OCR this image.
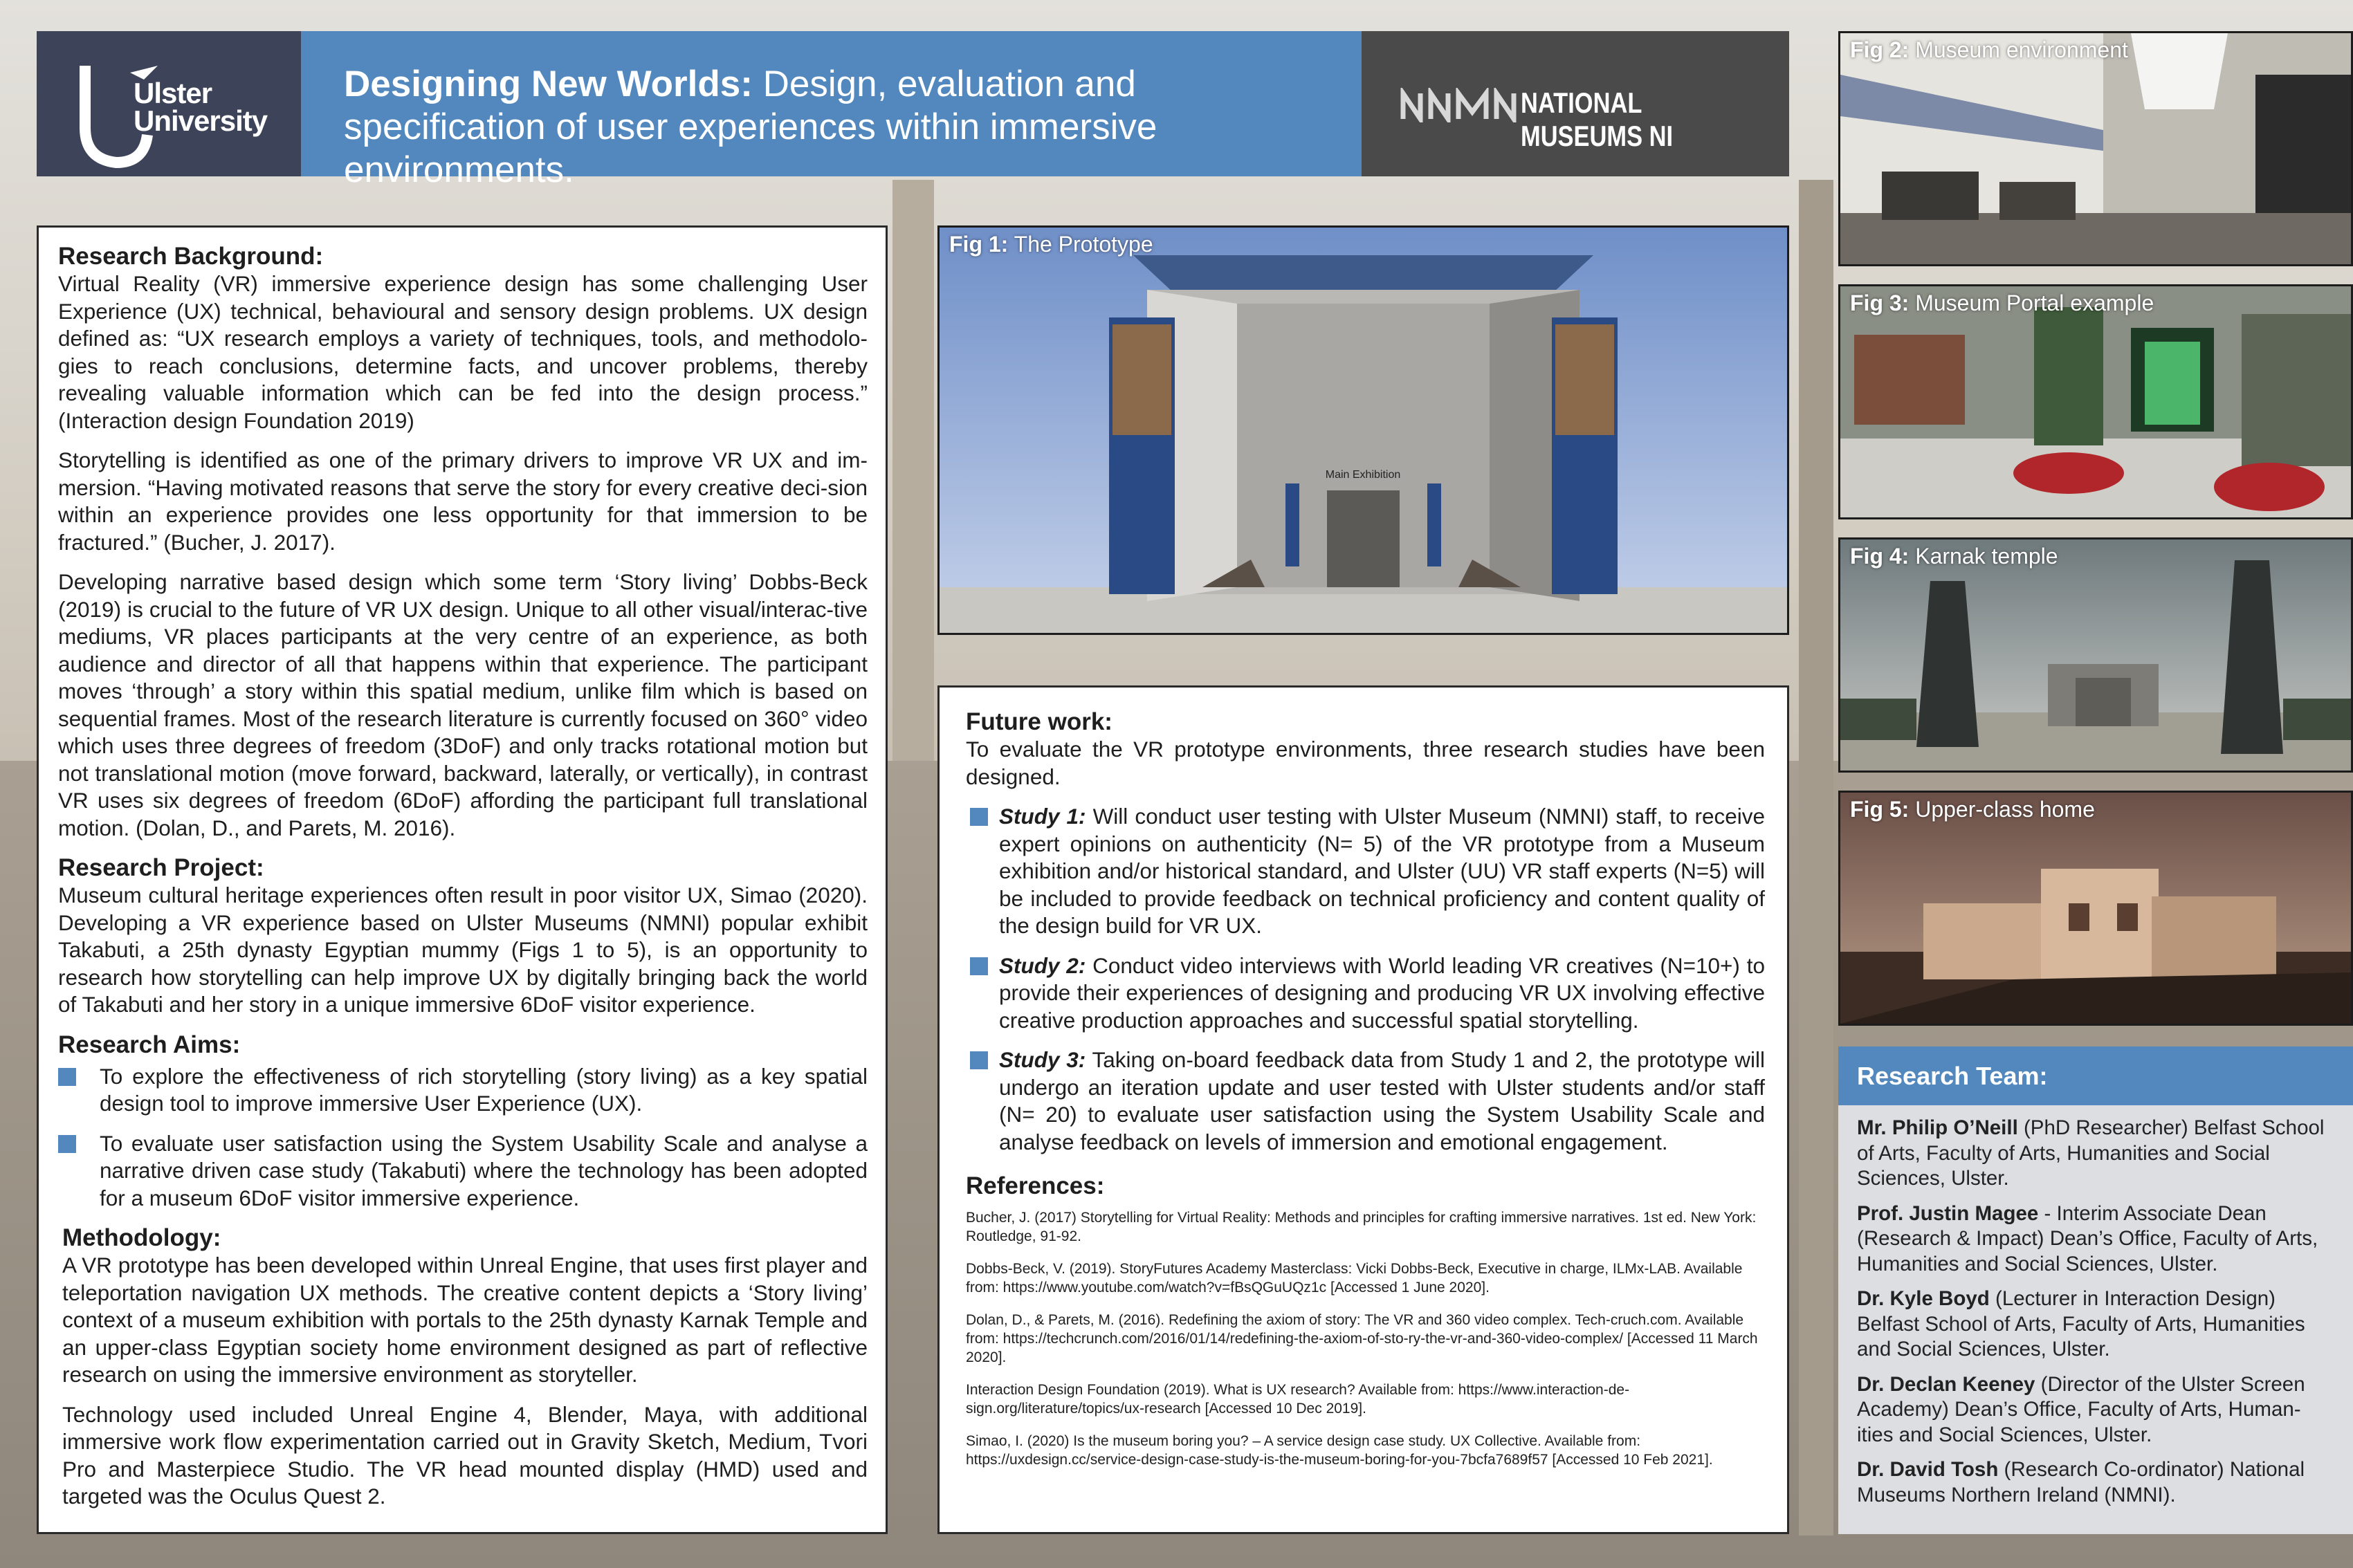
Ulster
University
Designing New Worlds: Design, evaluation and specification of user experiences within immersive environments.
NATIONAL MUSEUMS NI

Research Background:

Virtual Reality (VR) immersive experience design has some challenging User Experience (UX) technical, behavioural and sensory design problems. UX design defined as: “UX research employs a variety of techniques, tools, and methodolo-gies to reach conclusions, determine facts, and uncover problems, thereby revealing valuable information which can be fed into the design process.” (Interaction design Foundation 2019)

Storytelling is identified as one of the primary drivers to improve VR UX and im-mersion. “Having motivated reasons that serve the story for every creative deci-sion within an experience provides one less opportunity for that immersion to be fractured.” (Bucher, J. 2017).

Developing narrative based design which some term ‘Story living’ Dobbs-Beck (2019) is crucial to the future of VR UX design. Unique to all other visual/interac-tive mediums, VR places participants at the very centre of an experience, as both audience and director of all that happens within that experience. The participant moves ‘through’ a story within this spatial medium, unlike film which is based on sequential frames. Most of the research literature is currently focused on 360° video which uses three degrees of freedom (3DoF) and only tracks rotational motion but not translational motion (move forward, backward, laterally, or vertically), in contrast VR uses six degrees of freedom (6DoF) affording the participant full translational motion. (Dolan, D., and Parets, M. 2016).

Research Project:

Museum cultural heritage experiences often result in poor visitor UX, Simao (2020). Developing a VR experience based on Ulster Museums (NMNI) popular exhibit Takabuti, a 25th dynasty Egyptian mummy (Figs 1 to 5), is an opportunity to research how storytelling can help improve UX by digitally bringing back the world of Takabuti and her story in a unique immersive 6DoF visitor experience.

Research Aims:

To explore the effectiveness of rich storytelling (story living) as a key spatial design tool to improve immersive User Experience (UX).

To evaluate user satisfaction using the System Usability Scale and analyse a narrative driven case study (Takabuti) where the technology has been adopted for a museum 6DoF visitor immersive experience.

Methodology:

A VR prototype has been developed within Unreal Engine, that uses first player and teleportation navigation UX methods. The creative content depicts a ‘Story living’ context of a museum exhibition with portals to the 25th dynasty Karnak Temple and an upper-class Egyptian society home environment designed as part of reflective research on using the immersive environment as storyteller.

Technology used included Unreal Engine 4, Blender, Maya, with additional immersive work flow experimentation carried out in Gravity Sketch, Medium, Tvori Pro and Masterpiece Studio. The VR head mounted display (HMD) used and targeted was the Oculus Quest 2.

Fig 1: The Prototype
Main Exhibition

Future work:

To evaluate the VR prototype environments, three research studies have been designed.

Study 1: Will conduct user testing with Ulster Museum (NMNI) staff, to receive expert opinions on authenticity (N= 5) of the VR prototype from a Museum exhibition and/or historical standard, and Ulster (UU) VR staff experts (N=5) will be included to provide feedback on technical proficiency and content quality of the design build for VR UX.

Study 2: Conduct video interviews with World leading VR creatives (N=10+) to provide their experiences of designing and producing VR UX involving effective creative production approaches and successful spatial storytelling.

Study 3: Taking on-board feedback data from Study 1 and 2, the prototype will undergo an iteration update and user tested with Ulster students and/or staff (N= 20) to evaluate user satisfaction using the System Usability Scale and analyse feedback on levels of immersion and emotional engagement.

References:

Bucher, J. (2017) Storytelling for Virtual Reality: Methods and principles for crafting immersive narratives. 1st ed. New York: Routledge, 91-92.

Dobbs-Beck, V. (2019). StoryFutures Academy Masterclass: Vicki Dobbs-Beck, Executive in charge, ILMx-LAB. Available from: https://www.youtube.com/watch?v=fBsQGuUQz1c [Accessed 1 June 2020].

Dolan, D., & Parets, M. (2016). Redefining the axiom of story: The VR and 360 video complex. Tech-cruch.com. Available from: https://techcrunch.com/2016/01/14/redefining-the-axiom-of-sto-ry-the-vr-and-360-video-complex/ [Accessed 11 March 2020].

Interaction Design Foundation (2019). What is UX research? Available from: https://www.interaction-de-sign.org/literature/topics/ux-research [Accessed 10 Dec 2019].

Simao, I. (2020) Is the museum boring you? – A service design case study. UX Collective. Available from: https://uxdesign.cc/service-design-case-study-is-the-museum-boring-for-you-7bcfa7689f57 [Accessed 10 Feb 2021].

Fig 2: Museum environment
Fig 3: Museum Portal example
Fig 4: Karnak temple
Fig 5: Upper-class home
Research Team:

Mr. Philip O’Neill (PhD Researcher) Belfast School of Arts, Faculty of Arts, Humanities and Social Sciences, Ulster.

Prof. Justin Magee - Interim Associate Dean (Research & Impact) Dean’s Office, Faculty of Arts, Humanities and Social Sciences, Ulster.

Dr. Kyle Boyd (Lecturer in Interaction Design) Belfast School of Arts, Faculty of Arts, Humanities and Social Sciences, Ulster.

Dr. Declan Keeney (Director of the Ulster Screen Academy) Dean’s Office, Faculty of Arts, Human-ities and Social Sciences, Ulster.

Dr. David Tosh (Research Co-ordinator) National Museums Northern Ireland (NMNI).
